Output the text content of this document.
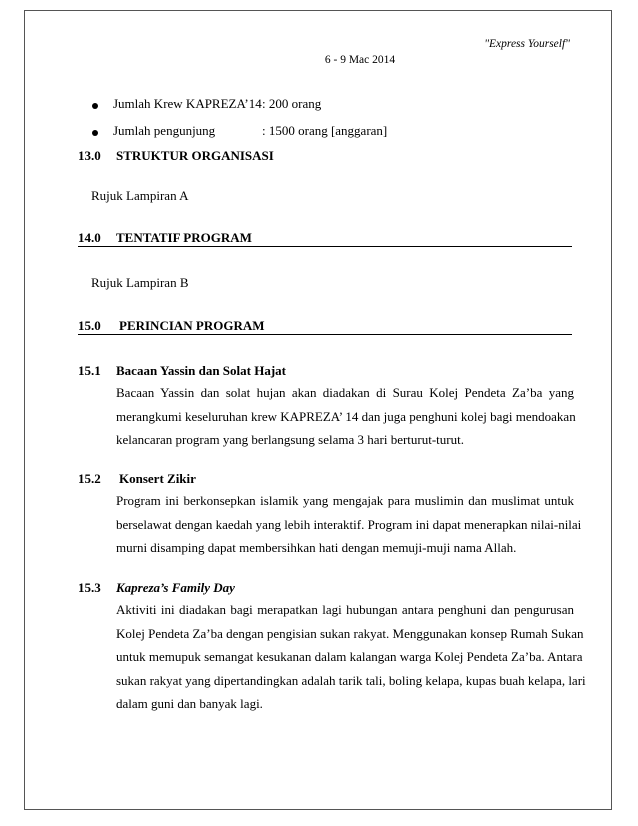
"Express Yourself"
6 - 9 Mac 2014
Jumlah Krew KAPREZA’14 : 200 orang
Jumlah pengunjung	: 1500 orang [anggaran]
13.0 STRUKTUR ORGANISASI
Rujuk Lampiran A
14.0 TENTATIF PROGRAM
Rujuk Lampiran B
15.0 PERINCIAN PROGRAM
15.1 Bacaan Yassin dan Solat Hajat
Bacaan Yassin dan solat hujan akan diadakan di Surau Kolej Pendeta Za’ba yang
merangkumi keseluruhan krew KAPREZA’ 14 dan juga penghuni kolej bagi mendoakan
kelancaran program yang berlangsung selama 3 hari berturut-turut.
15.2 Konsert Zikir
Program ini berkonsepkan islamik yang mengajak para muslimin dan muslimat untuk
berselawat dengan kaedah yang lebih interaktif. Program ini dapat menerapkan nilai-nilai
murni disamping dapat membersihkan hati dengan memuji-muji nama Allah.
15.3 Kapreza’s Family Day
Aktiviti ini diadakan bagi merapatkan lagi hubungan antara penghuni dan pengurusan
Kolej Pendeta Za’ba dengan pengisian sukan rakyat. Menggunakan konsep Rumah Sukan
untuk memupuk semangat kesukanan dalam kalangan warga Kolej Pendeta Za’ba. Antara
sukan rakyat yang dipertandingkan adalah tarik tali, boling kelapa, kupas buah kelapa, lari
dalam guni dan banyak lagi.
